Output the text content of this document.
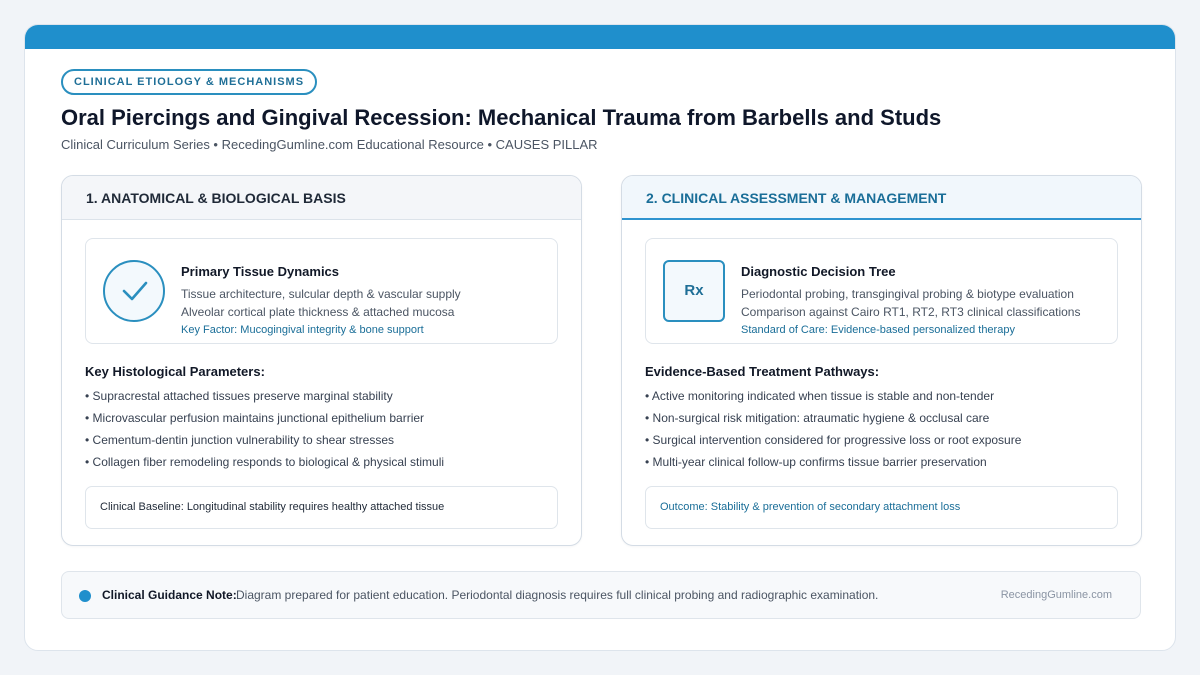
CLINICAL ETIOLOGY & MECHANISMS
Oral Piercings and Gingival Recession: Mechanical Trauma from Barbells and Studs
Clinical Curriculum Series • RecedingGumline.com Educational Resource • CAUSES PILLAR
1. ANATOMICAL & BIOLOGICAL BASIS
Primary Tissue Dynamics
Tissue architecture, sulcular depth & vascular supply
Alveolar cortical plate thickness & attached mucosa
Key Factor: Mucogingival integrity & bone support
Key Histological Parameters:
• Supracrestal attached tissues preserve marginal stability
• Microvascular perfusion maintains junctional epithelium barrier
• Cementum-dentin junction vulnerability to shear stresses
• Collagen fiber remodeling responds to biological & physical stimuli
Clinical Baseline: Longitudinal stability requires healthy attached tissue
2. CLINICAL ASSESSMENT & MANAGEMENT
Rx
Diagnostic Decision Tree
Periodontal probing, transgingival probing & biotype evaluation
Comparison against Cairo RT1, RT2, RT3 clinical classifications
Standard of Care: Evidence-based personalized therapy
Evidence-Based Treatment Pathways:
• Active monitoring indicated when tissue is stable and non-tender
• Non-surgical risk mitigation: atraumatic hygiene & occlusal care
• Surgical intervention considered for progressive loss or root exposure
• Multi-year clinical follow-up confirms tissue barrier preservation
Outcome: Stability & prevention of secondary attachment loss
Clinical Guidance Note: Diagram prepared for patient education. Periodontal diagnosis requires full clinical probing and radiographic examination.	RecedingGumline.com
